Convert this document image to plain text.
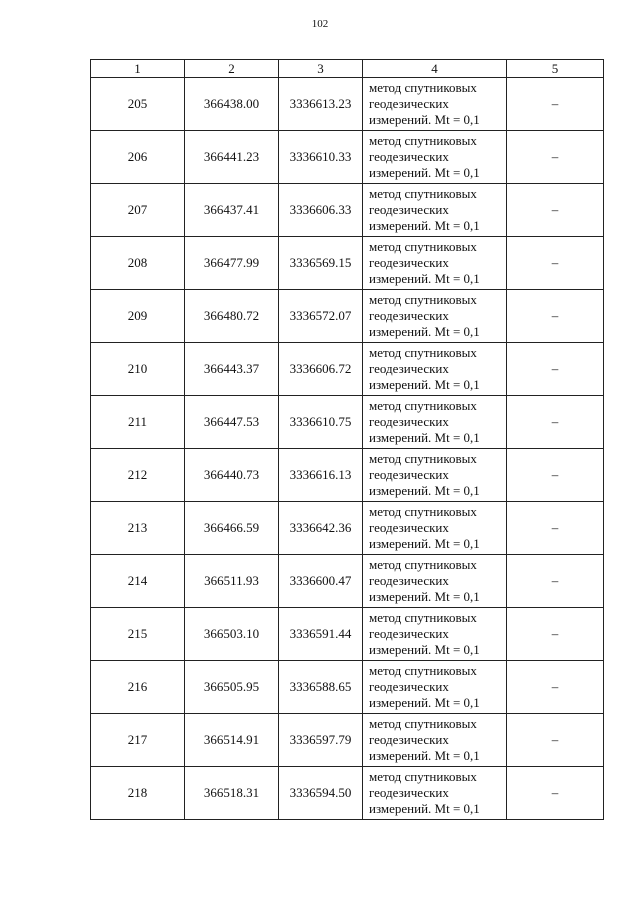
102
1	2	3	4	5
205	366438.00	3336613.23	метод спутниковых
геодезических
измерений. Mt = 0,1	–
206	366441.23	3336610.33	метод спутниковых
геодезических
измерений. Mt = 0,1	–
207	366437.41	3336606.33	метод спутниковых
геодезических
измерений. Mt = 0,1	–
208	366477.99	3336569.15	метод спутниковых
геодезических
измерений. Mt = 0,1	–
209	366480.72	3336572.07	метод спутниковых
геодезических
измерений. Mt = 0,1	–
210	366443.37	3336606.72	метод спутниковых
геодезических
измерений. Mt = 0,1	–
211	366447.53	3336610.75	метод спутниковых
геодезических
измерений. Mt = 0,1	–
212	366440.73	3336616.13	метод спутниковых
геодезических
измерений. Mt = 0,1	–
213	366466.59	3336642.36	метод спутниковых
геодезических
измерений. Mt = 0,1	–
214	366511.93	3336600.47	метод спутниковых
геодезических
измерений. Mt = 0,1	–
215	366503.10	3336591.44	метод спутниковых
геодезических
измерений. Mt = 0,1	–
216	366505.95	3336588.65	метод спутниковых
геодезических
измерений. Mt = 0,1	–
217	366514.91	3336597.79	метод спутниковых
геодезических
измерений. Mt = 0,1	–
218	366518.31	3336594.50	метод спутниковых
геодезических
измерений. Mt = 0,1	–
